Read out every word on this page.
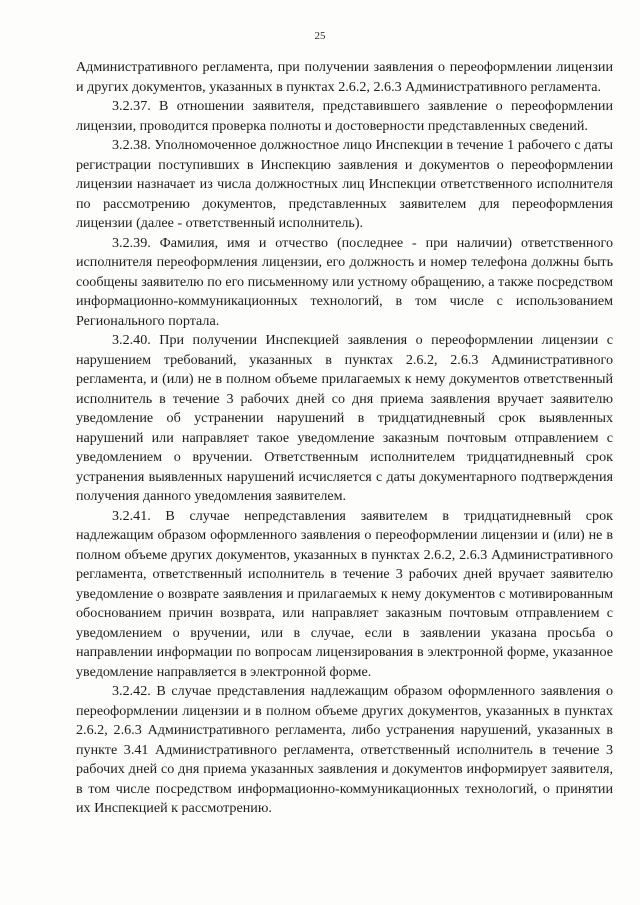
25

Административного регламента, при получении заявления о переоформлении лицензии и других документов, указанных в пунктах 2.6.2, 2.6.3 Административного регламента.

3.2.37. В отношении заявителя, представившего заявление о переоформлении лицензии, проводится проверка полноты и достоверности представленных сведений.

3.2.38. Уполномоченное должностное лицо Инспекции в течение 1 рабочего с даты регистрации поступивших в Инспекцию заявления и документов о переоформлении лицензии назначает из числа должностных лиц Инспекции ответственного исполнителя по рассмотрению документов, представленных заявителем для переоформления лицензии (далее - ответственный исполнитель).

3.2.39. Фамилия, имя и отчество (последнее - при наличии) ответственного исполнителя переоформления лицензии, его должность и номер телефона должны быть сообщены заявителю по его письменному или устному обращению, а также посредством информационно-коммуникационных технологий, в том числе с использованием Регионального портала.

3.2.40. При получении Инспекцией заявления о переоформлении лицензии с нарушением требований, указанных в пунктах 2.6.2, 2.6.3 Административного регламента, и (или) не в полном объеме прилагаемых к нему документов ответственный исполнитель в течение 3 рабочих дней со дня приема заявления вручает заявителю уведомление об устранении нарушений в тридцатидневный срок выявленных нарушений или направляет такое уведомление заказным почтовым отправлением с уведомлением о вручении. Ответственным исполнителем тридцатидневный срок устранения выявленных нарушений исчисляется с даты документарного подтверждения получения данного уведомления заявителем.

3.2.41. В случае непредставления заявителем в тридцатидневный срок надлежащим образом оформленного заявления о переоформлении лицензии и (или) не в полном объеме других документов, указанных в пунктах 2.6.2, 2.6.3 Административного регламента, ответственный исполнитель в течение 3 рабочих дней вручает заявителю уведомление о возврате заявления и прилагаемых к нему документов с мотивированным обоснованием причин возврата, или направляет заказным почтовым отправлением с уведомлением о вручении, или в случае, если в заявлении указана просьба о направлении информации по вопросам лицензирования в электронной форме, указанное уведомление направляется в электронной форме.

3.2.42. В случае представления надлежащим образом оформленного заявления о переоформлении лицензии и в полном объеме других документов, указанных в пунктах 2.6.2, 2.6.3 Административного регламента, либо устранения нарушений, указанных в пункте 3.41 Административного регламента, ответственный исполнитель в течение 3 рабочих дней со дня приема указанных заявления и документов информирует заявителя, в том числе посредством информационно-коммуникационных технологий, о принятии их Инспекцией к рассмотрению.
